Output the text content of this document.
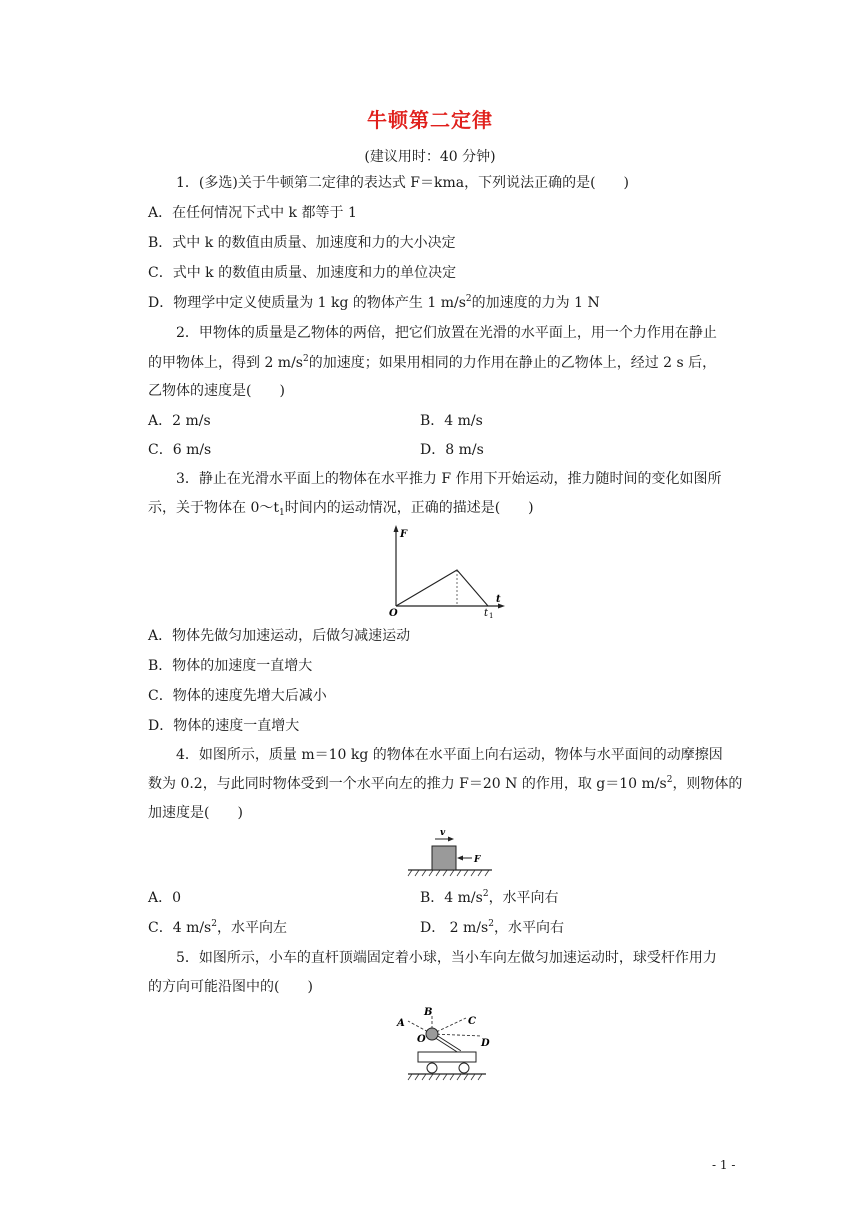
牛顿第二定律
(建议用时：40 分钟)
1．(多选)关于牛顿第二定律的表达式 F＝kma，下列说法正确的是(　　)
A．在任何情况下式中 k 都等于 1
B．式中 k 的数值由质量、加速度和力的大小决定
C．式中 k 的数值由质量、加速度和力的单位决定
D．物理学中定义使质量为 1 kg 的物体产生 1 $m/s^2$的加速度的力为 1 N
2．甲物体的质量是乙物体的两倍，把它们放置在光滑的水平面上，用一个力作用在静止
的甲物体上，得到 2 $m/s^2$的加速度；如果用相同的力作用在静止的乙物体上，经过 2 s 后，
乙物体的速度是(　　)
A．2 m/s	B．4 m/s
C．6 m/s	D．8 m/s
3．静止在光滑水平面上的物体在水平推力 F 作用下开始运动，推力随时间的变化如图所
示，关于物体在 $0\sim t_1$时间内的运动情况，正确的描述是(　　)
F
O
t
t 1
A．物体先做匀加速运动，后做匀减速运动
B．物体的加速度一直增大
C．物体的速度先增大后减小
D．物体的速度一直增大
4．如图所示，质量 m＝10 kg 的物体在水平面上向右运动，物体与水平面间的动摩擦因
数为 0.2，与此同时物体受到一个水平向左的推力 F＝20 N 的作用，取 g＝10 $m/s^2$，则物体的
加速度是(　　)
v
F
A．0	B．4 $m/s^2$，水平向右
C．4 $m/s^2$，水平向左	D． 2 $m/s^2$，水平向右
5．如图所示，小车的直杆顶端固定着小球，当小车向左做匀加速运动时，球受杆作用力
的方向可能沿图中的(　　)
A
B
C
D
O
- 1 -
